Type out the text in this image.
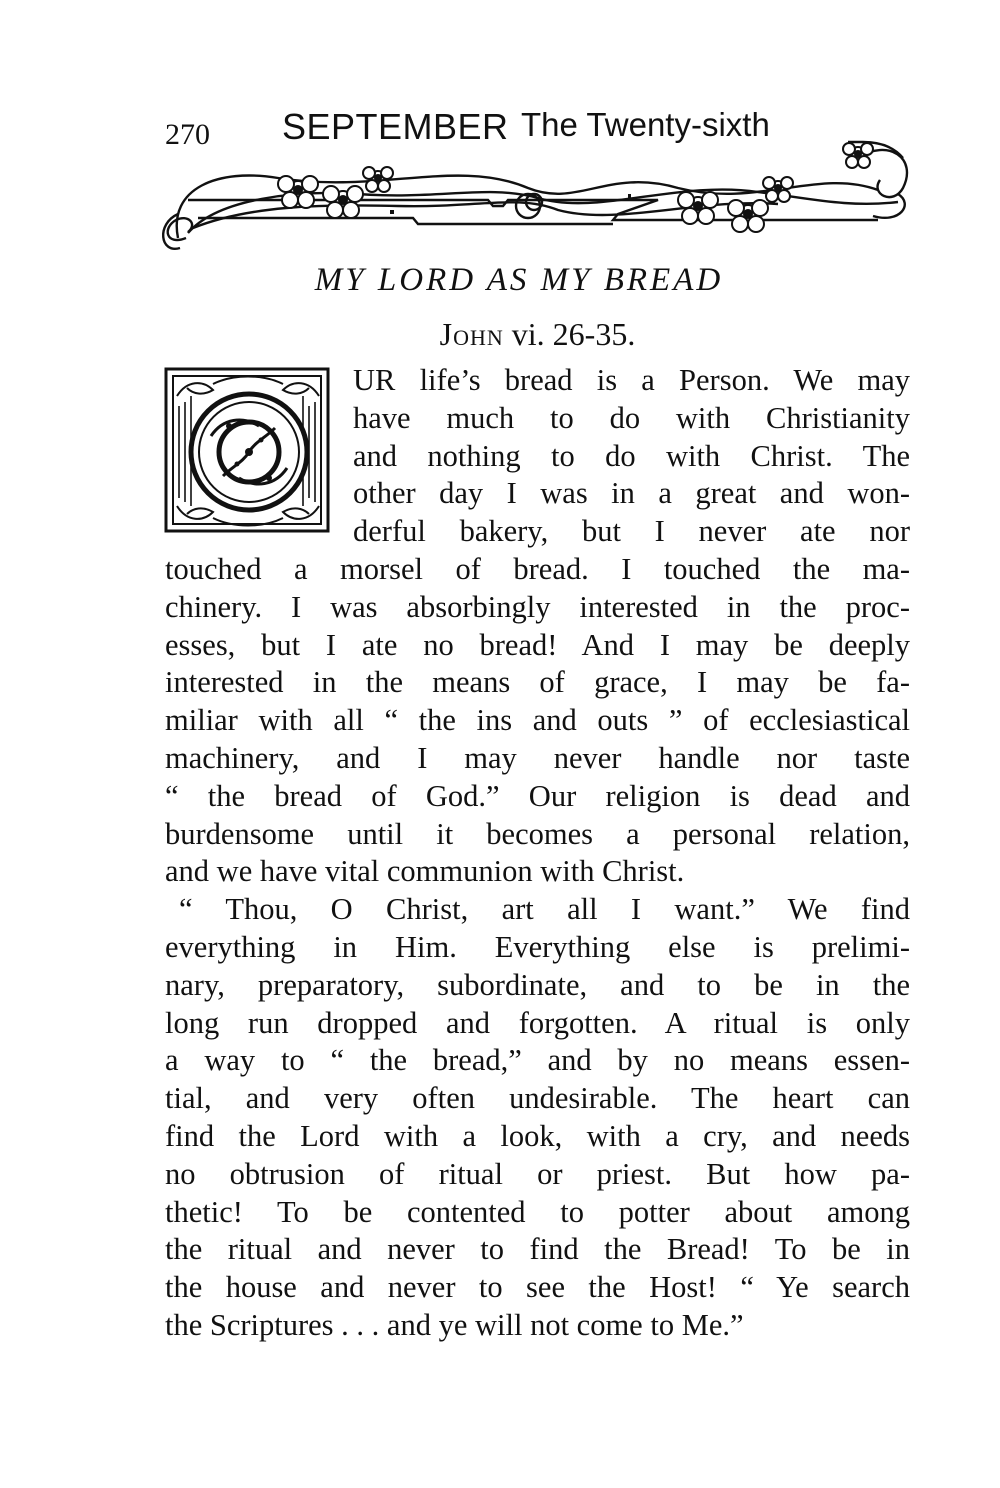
270 SEPTEMBER The Twenty-sixth
MY LORD AS MY BREAD
John vi. 26-35.
UR life’s bread is a Person. We may
have much to do with Christianity
and nothing to do with Christ. The
other day I was in a great and won-
derful bakery, but I never ate nor
touched a morsel of bread. I touched the ma-
chinery. I was absorbingly interested in the proc-
esses, but I ate no bread! And I may be deeply
interested in the means of grace, I may be fa-
miliar with all “ the ins and outs ” of ecclesiastical
machinery, and I may never handle nor taste
“ the bread of God.” Our religion is dead and
burdensome until it becomes a personal relation,
and we have vital communion with Christ.
“ Thou, O Christ, art all I want.” We find
everything in Him. Everything else is prelimi-
nary, preparatory, subordinate, and to be in the
long run dropped and forgotten. A ritual is only
a way to “ the bread,” and by no means essen-
tial, and very often undesirable. The heart can
find the Lord with a look, with a cry, and needs
no obtrusion of ritual or priest. But how pa-
thetic! To be contented to potter about among
the ritual and never to find the Bread! To be in
the house and never to see the Host! “ Ye search
the Scriptures . . . and ye will not come to Me.”
